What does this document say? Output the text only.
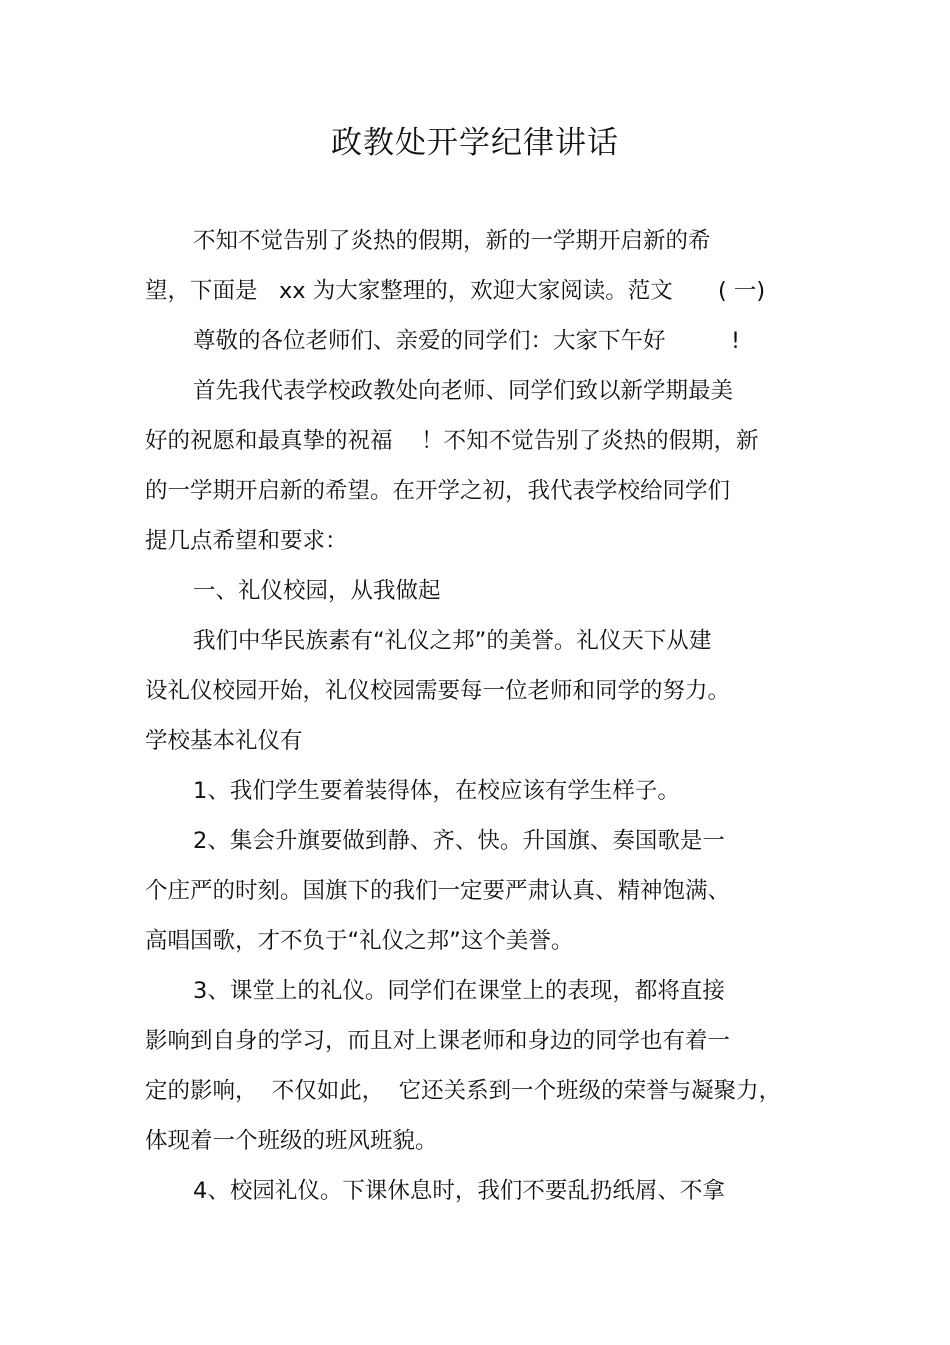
政教处开学纪律讲话
不知不觉告别了炎热的假期，新的一学期开启新的希
望，下面是   xx 为大家整理的，欢迎大家阅读。范文 ( 一)
尊敬的各位老师们、亲爱的同学们：大家下午好	!
首先我代表学校政教处向老师、同学们致以新学期最美
好的祝愿和最真挚的祝福    ！不知不觉告别了炎热的假期，新
的一学期开启新的希望。在开学之初，我代表学校给同学们
提几点希望和要求：
一、礼仪校园，从我做起
我们中华民族素有“礼仪之邦”的美誉。礼仪天下从建
设礼仪校园开始，礼仪校园需要每一位老师和同学的努力。
学校基本礼仪有
1、我们学生要着装得体，在校应该有学生样子。
2、集会升旗要做到静、齐、快。升国旗、奏国歌是一
个庄严的时刻。国旗下的我们一定要严肃认真、精神饱满、
高唱国歌，才不负于“礼仪之邦”这个美誉。
3、课堂上的礼仪。同学们在课堂上的表现，都将直接
影响到自身的学习，而且对上课老师和身边的同学也有着一
定的影响，  不仅如此，  它还关系到一个班级的荣誉与凝聚力，
体现着一个班级的班风班貌。
4、校园礼仪。下课休息时，我们不要乱扔纸屑、不拿
